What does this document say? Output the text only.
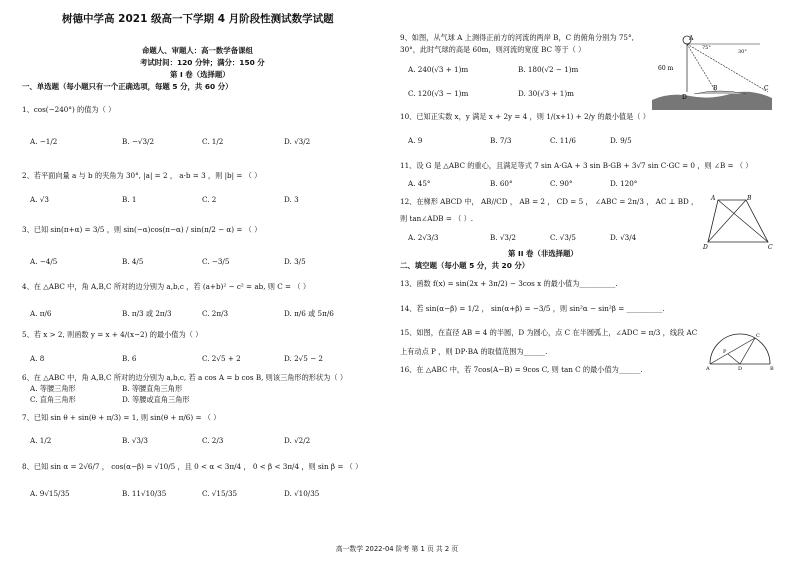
树德中学高 2021 级高一下学期 4 月阶段性测试数学试题
命题人、审题人：高一数学备课组
考试时间：120 分钟；满分：150 分
第 I 卷（选择题）
一、单选题（每小题只有一个正确选项，每题 5 分，共 60 分）
1、cos(−240°) 的值为（ ）
A. −1/2	B. −√3/2	C. 1/2	D. √3/2
2、若平面向量 a 与 b 的夹角为 30°, |a| = 2 ， a·b = 3 ，则 |b| = （ ）
A. √3	B. 1	C. 2	D. 3
3、已知 sin(π+α) = 3/5 ，则 sin(−α)cos(π−α) / sin(π/2 − α) = （ ）
A. −4/5	B. 4/5	C. −3/5	D. 3/5
4、在 △ABC 中，角 A,B,C 所对的边分别为 a,b,c ，若 (a+b)² − c² = ab, 则 C = （ ）
A. π/6	B. π/3 或 2π/3	C. 2π/3	D. π/6 或 5π/6
5、若 x > 2, 则函数 y = x + 4/(x−2) 的最小值为（ ）
A. 8	B. 6	C. 2√5 + 2	D. 2√5 − 2
6、在 △ABC 中，角 A,B,C 所对的边分别为 a,b,c, 若 a cos A = b cos B, 则该三角形的形状为（ ）
A. 等腰三角形	B. 等腰直角三角形
C. 直角三角形	D. 等腰或直角三角形
7、已知 sin θ + sin(θ + π/3) = 1, 则 sin(θ + π/6) = （ ）
A. 1/2	B. √3/3	C. 2/3	D. √2/2
8、已知 sin α = 2√6/7 ， cos(α−β) = √10/5 ，且 0 < α < 3π/4 ， 0 < β < 3π/4 ，则 sin β = （ ）
A. 9√15/35	B. 11√10/35	C. √15/35	D. √10/35
9、如图，从气球 A 上测得正前方的河流的两岸 B，C 的俯角分别为 75°,
30°，此时气球的高是 60m，则河流的宽度 BC 等于（ ）
A. 240(√3 + 1)m	B. 180(√2 − 1)m
C. 120(√3 − 1)m	D. 30(√3 + 1)m
A
B	C
D
60 m
30°
75°
10、已知正实数 x，y 满足 x + 2y = 4 ，则 1/(x+1) + 2/y 的最小值是（ ）
A. 9	B. 7/3	C. 11/6	D. 9/5
11、设 G 是 △ABC 的重心，且满足等式 7 sin A·GA + 3 sin B·GB + 3√7 sin C·GC = 0 ，则 ∠B = （ ）
A. 45°	B. 60°	C. 90°	D. 120°
12、在梯形 ABCD 中， AB//CD ， AB = 2 ， CD = 5 ， ∠ABC = 2π/3 ， AC ⊥ BD ，
则 tan∠ADB = （ ）.
A. 2√3/3	B. √3/2	C. √3/5	D. √3/4
A	B
C
D
第 II 卷（非选择题）
二、填空题（每小题 5 分，共 20 分）
13、函数 f(x) = sin(2x + 3π/2) − 3cos x 的最小值为__________.
14、若 sin(α−β) = 1/2 ， sin(α+β) = −3/5 ，则 sin²α − sin²β = __________.
15、如图，在直径 AB = 4 的半圆，D 为圆心，点 C 在半圆弧上，∠ADC = π/3 ，线段 AC
上有动点 P ，则 DP·BA 的取值范围为______.
16、在 △ABC 中，若 7cos(A−B) = 9cos C, 则 tan C 的最小值为______.	A	B
C
D
P
高一数学 2022-04 阶考 第 1 页 共 2 页
